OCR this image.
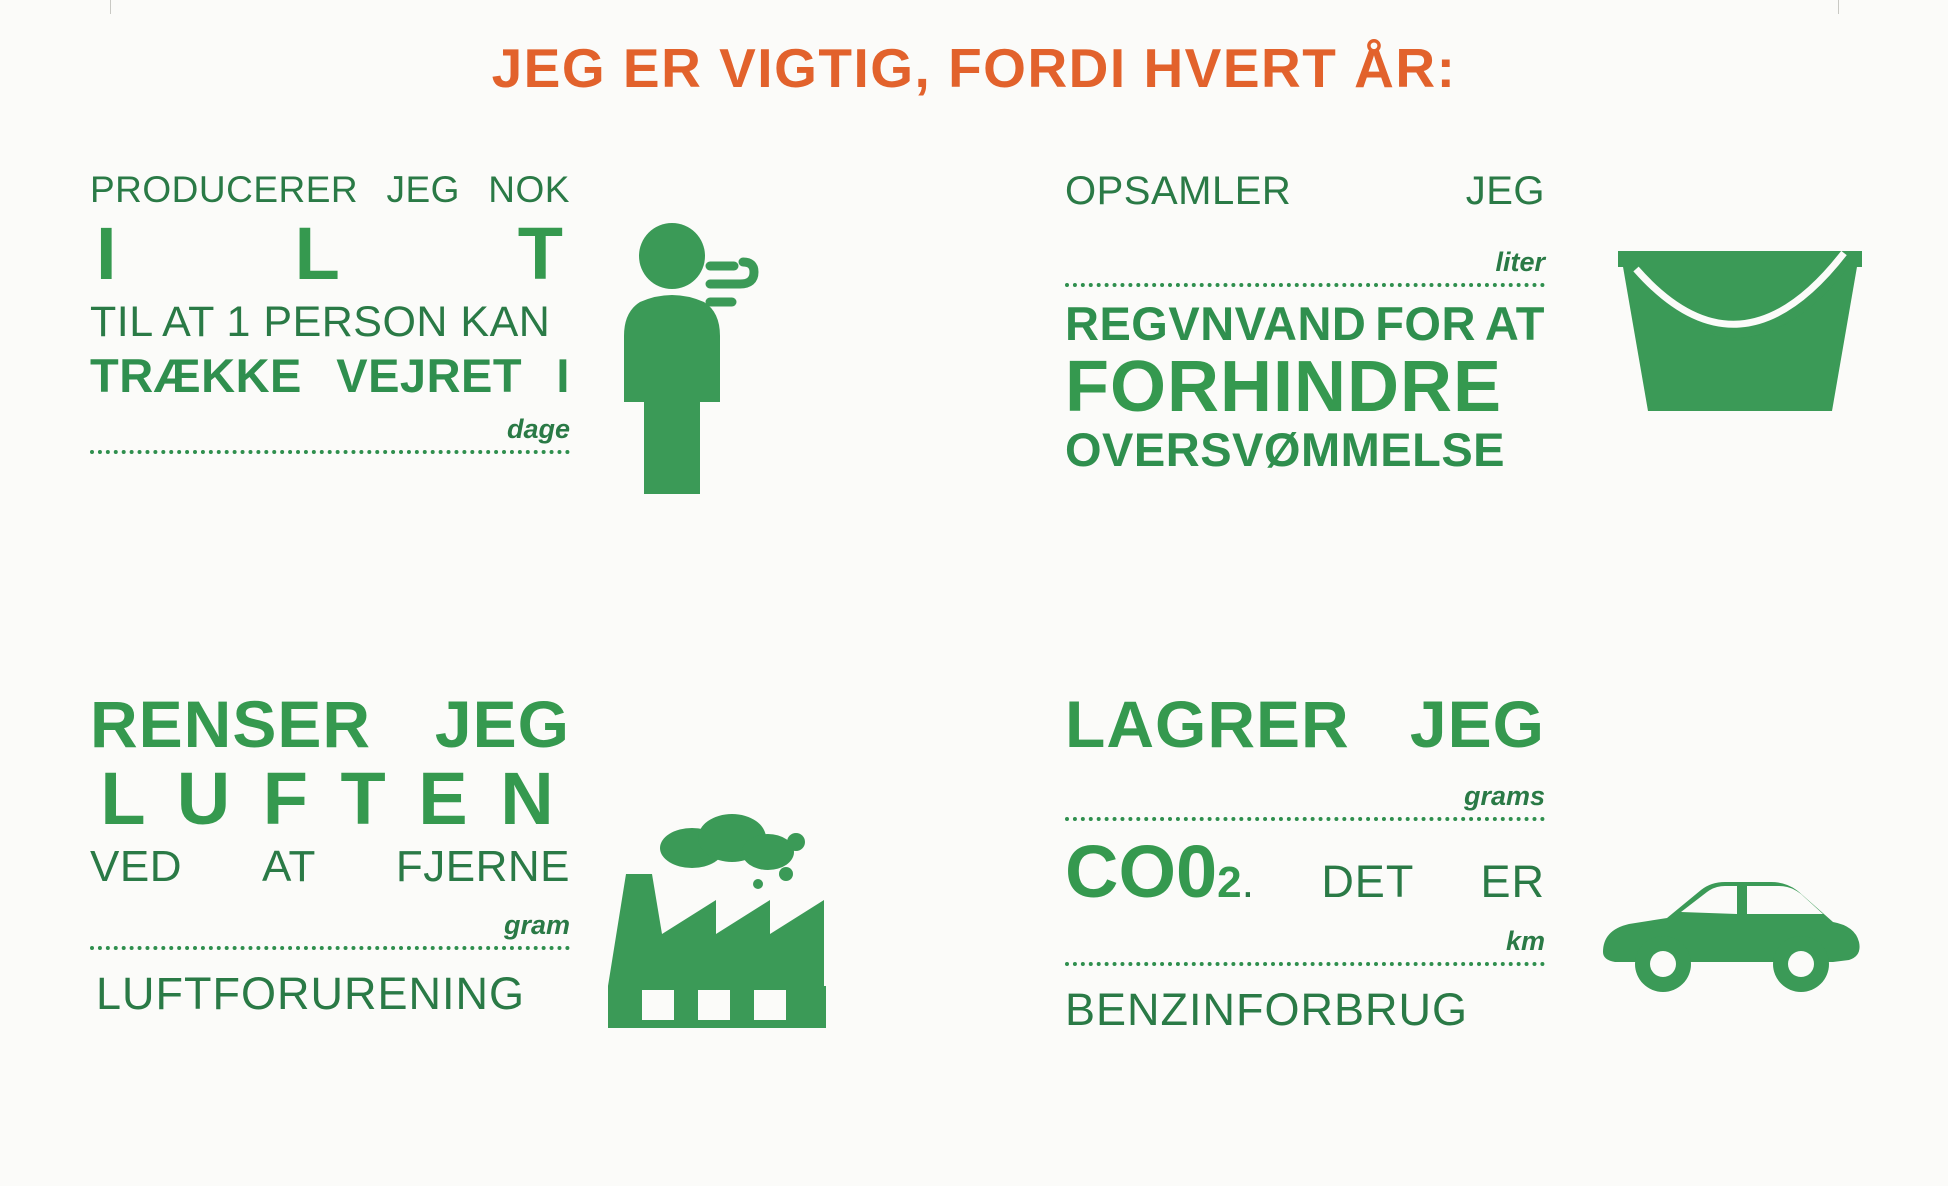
JEG ER VIGTIG, FORDI HVERT ÅR:
PRODUCERER JEG NOK
I L T
TIL AT 1 PERSON KAN
TRÆKKE VEJRET I
dage
OPSAMLER	JEG
liter
REGVNVAND FOR AT
FORHINDRE
OVERSVØMMELSE
RENSER JEG
L U F T E N
VED AT FJERNE
gram
LUFTFORURENING
LAGRER JEG
grams
CO02. DET ER
km
BENZINFORBRUG
